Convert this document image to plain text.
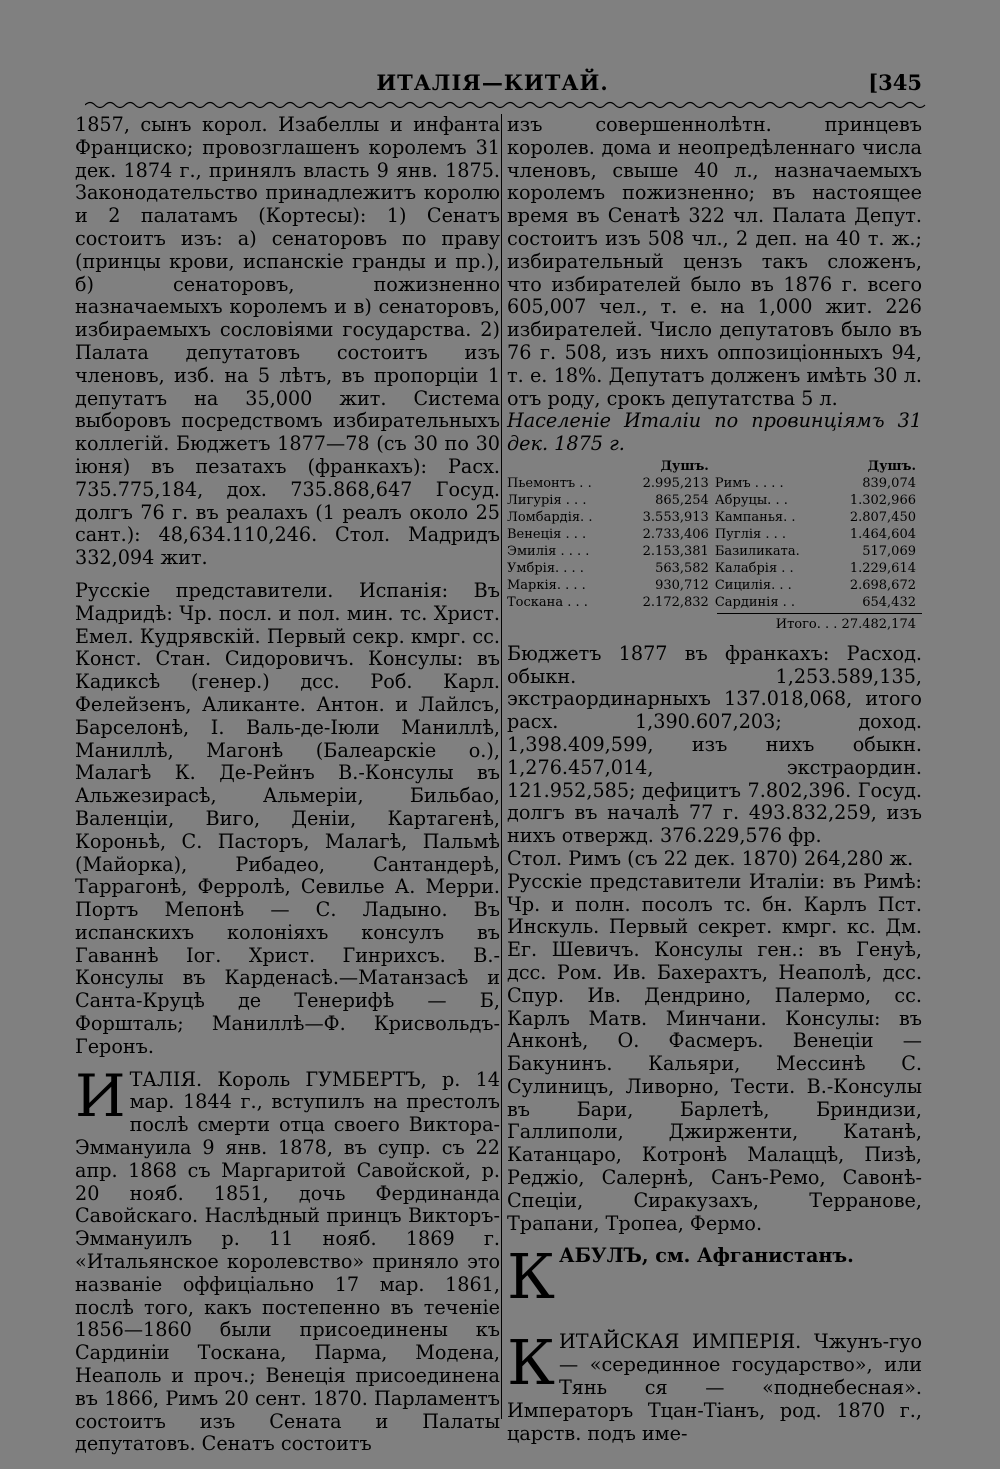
ИТАЛІЯ—КИТАЙ.	[345

1857, сынъ корол. Изабеллы и инфанта Франциско; провозглашенъ королемъ 31 дек. 1874 г., принялъ власть 9 янв. 1875. Законодательство принадлежитъ королю и 2 палатамъ (Кортесы): 1) Сенатъ состоитъ изъ: а) сенаторовъ по праву (принцы крови, испанскіе гранды и пр.), б) сенаторовъ, пожизненно назначаемыхъ королемъ и в) сенаторовъ, избираемыхъ сословіями государства. 2) Палата депутатовъ состоитъ изъ членовъ, изб. на 5 лѣтъ, въ пропорціи 1 депутатъ на 35,000 жит. Система выборовъ посредствомъ избирательныхъ коллегій. Бюджетъ 1877—78 (съ 30 по 30 іюня) въ пезатахъ (франкахъ): Расх. 735.775,184, дох. 735.868,647 Госуд. долгъ 76 г. въ реалахъ (1 реалъ около 25 сант.): 48,634.110,246. Стол. Мадридъ 332,094 жит.

Русскіе представители. Испанія: Въ Мадридѣ: Чр. посл. и пол. мин. тс. Христ. Емел. Кудрявскій. Первый секр. кмрг. сс. Конст. Стан. Сидоровичъ. Консулы: въ Кадиксѣ (генер.) дсс. Роб. Карл. Фелейзенъ, Аликанте. Антон. и Лайлсъ, Барселонѣ, I. Валь-де-Іюли Маниллѣ, Маниллѣ, Магонѣ (Балеарскіе о.), Малагѣ К. Де-Рейнъ В.-Консулы въ Альжезирасѣ, Альмеріи, Бильбао, Валенціи, Виго, Деніи, Картагенѣ, Короньѣ, С. Пасторъ, Малагѣ, Пальмѣ (Майорка), Рибадео, Сантандерѣ, Таррагонѣ, Ферролѣ, Севилье А. Мерри. Портъ Мепонѣ — С. Ладыно. Въ испанскихъ колоніяхъ консулъ въ Гаваннѣ Іог. Христ. Гинрихсъ. В.-Консулы въ Карденасѣ.—Матанзасѣ и Санта-Круцѣ де Тенерифѣ — Б, Форшталь; Маниллѣ—Ф. Крисвольдъ-Геронъ.

ИТАЛІЯ. Король ГУМБЕРТЪ, р. 14 мар. 1844 г., вступилъ на престолъ послѣ смерти отца своего Виктора-Эммануила 9 янв. 1878, въ супр. съ 22 апр. 1868 съ Маргаритой Савойской, р. 20 нояб. 1851, дочь Фердинанда Савойскаго. Наслѣдный принцъ Викторъ-Эммануилъ р. 11 нояб. 1869 г. «Итальянское королевство» приняло это названіе оффиціально 17 мар. 1861, послѣ того, какъ постепенно въ теченіе 1856—1860 были присоединены къ Сардиніи Тоскана, Парма, Модена, Неаполь и проч.; Венеція присоединена въ 1866, Римъ 20 сент. 1870. Парламентъ состоитъ изъ Сената и Палаты депутатовъ. Сенатъ состоитъ

изъ совершеннолѣтн. принцевъ королев. дома и неопредѣленнаго числа членовъ, свыше 40 л., назначаемыхъ королемъ пожизненно; въ настоящее время въ Сенатѣ 322 чл. Палата Депут. состоитъ изъ 508 чл., 2 деп. на 40 т. ж.; избирательный цензъ такъ сложенъ, что избирателей было въ 1876 г. всего 605,007 чел., т. е. на 1,000 жит. 226 избирателей. Число депутатовъ было въ 76 г. 508, изъ нихъ оппозиціонныхъ 94, т. е. 18%. Депутатъ долженъ имѣть 30 л. отъ роду, срокъ депутатства 5 л.

Населеніе Италіи по провинціямъ 31 дек. 1875 г.

	Душъ.		Душъ.
Пьемонтъ . .	2.995,213	Римъ . . . .	839,074
Лигурія . . .	865,254	Абруцы. . .	1.302,966
Ломбардія. .	3.553,913	Кампанья. .	2.807,450
Венеція . . .	2.733,406	Пуглія . . .	1.464,604
Эмилія . . . .	2.153,381	Базиликата.	517,069
Умбрія. . . .	563,582	Калабрія . .	1.229,614
Маркія. . . .	930,712	Сицилія. . .	2.698,672
Тоскана . . .	2.172,832	Сардинія . .	654,432
Итого. . . 27.482,174

Бюджетъ 1877 въ франкахъ: Расход. обыкн. 1,253.589,135, экстраординарныхъ 137.018,068, итого расх. 1,390.607,203; доход. 1,398.409,599, изъ нихъ обыкн. 1,276.457,014, экстраордин. 121.952,585; дефицитъ 7.802,396. Госуд. долгъ въ началѣ 77 г. 493.832,259, изъ нихъ отвержд. 376.229,576 фр.

Стол. Римъ (съ 22 дек. 1870) 264,280 ж.

Русскіе представители Италіи: въ Римѣ: Чр. и полн. посолъ тс. бн. Карлъ Пст. Инскуль. Первый секрет. кмрг. кс. Дм. Ег. Шевичъ. Консулы ген.: въ Генуѣ, дсс. Ром. Ив. Бахерахтъ, Неаполѣ, дсс. Спур. Ив. Дендрино, Палермо, сс. Карлъ Матв. Минчани. Консулы: въ Анконѣ, О. Фасмеръ. Венеціи — Бакунинъ. Кальяри, Мессинѣ С. Сулиницъ, Ливорно, Тести. В.-Консулы въ Бари, Барлетѣ, Бриндизи, Галлиполи, Джирженти, Катанѣ, Катанцаро, Котронѣ Малаццѣ, Пизѣ, Реджіо, Салернѣ, Санъ-Ремо, Савонѣ-Спеціи, Сиракузахъ, Терранове, Трапани, Тропеа, Фермо.

КАБУЛЪ, см. Афганистанъ.

КИТАЙСКАЯ ИМПЕРІЯ. Чжунъ-гуо— «серединное государство», или Тянь ся — «поднебесная». Императоръ Тцан-Тіанъ, род. 1870 г., царств. подъ име-
